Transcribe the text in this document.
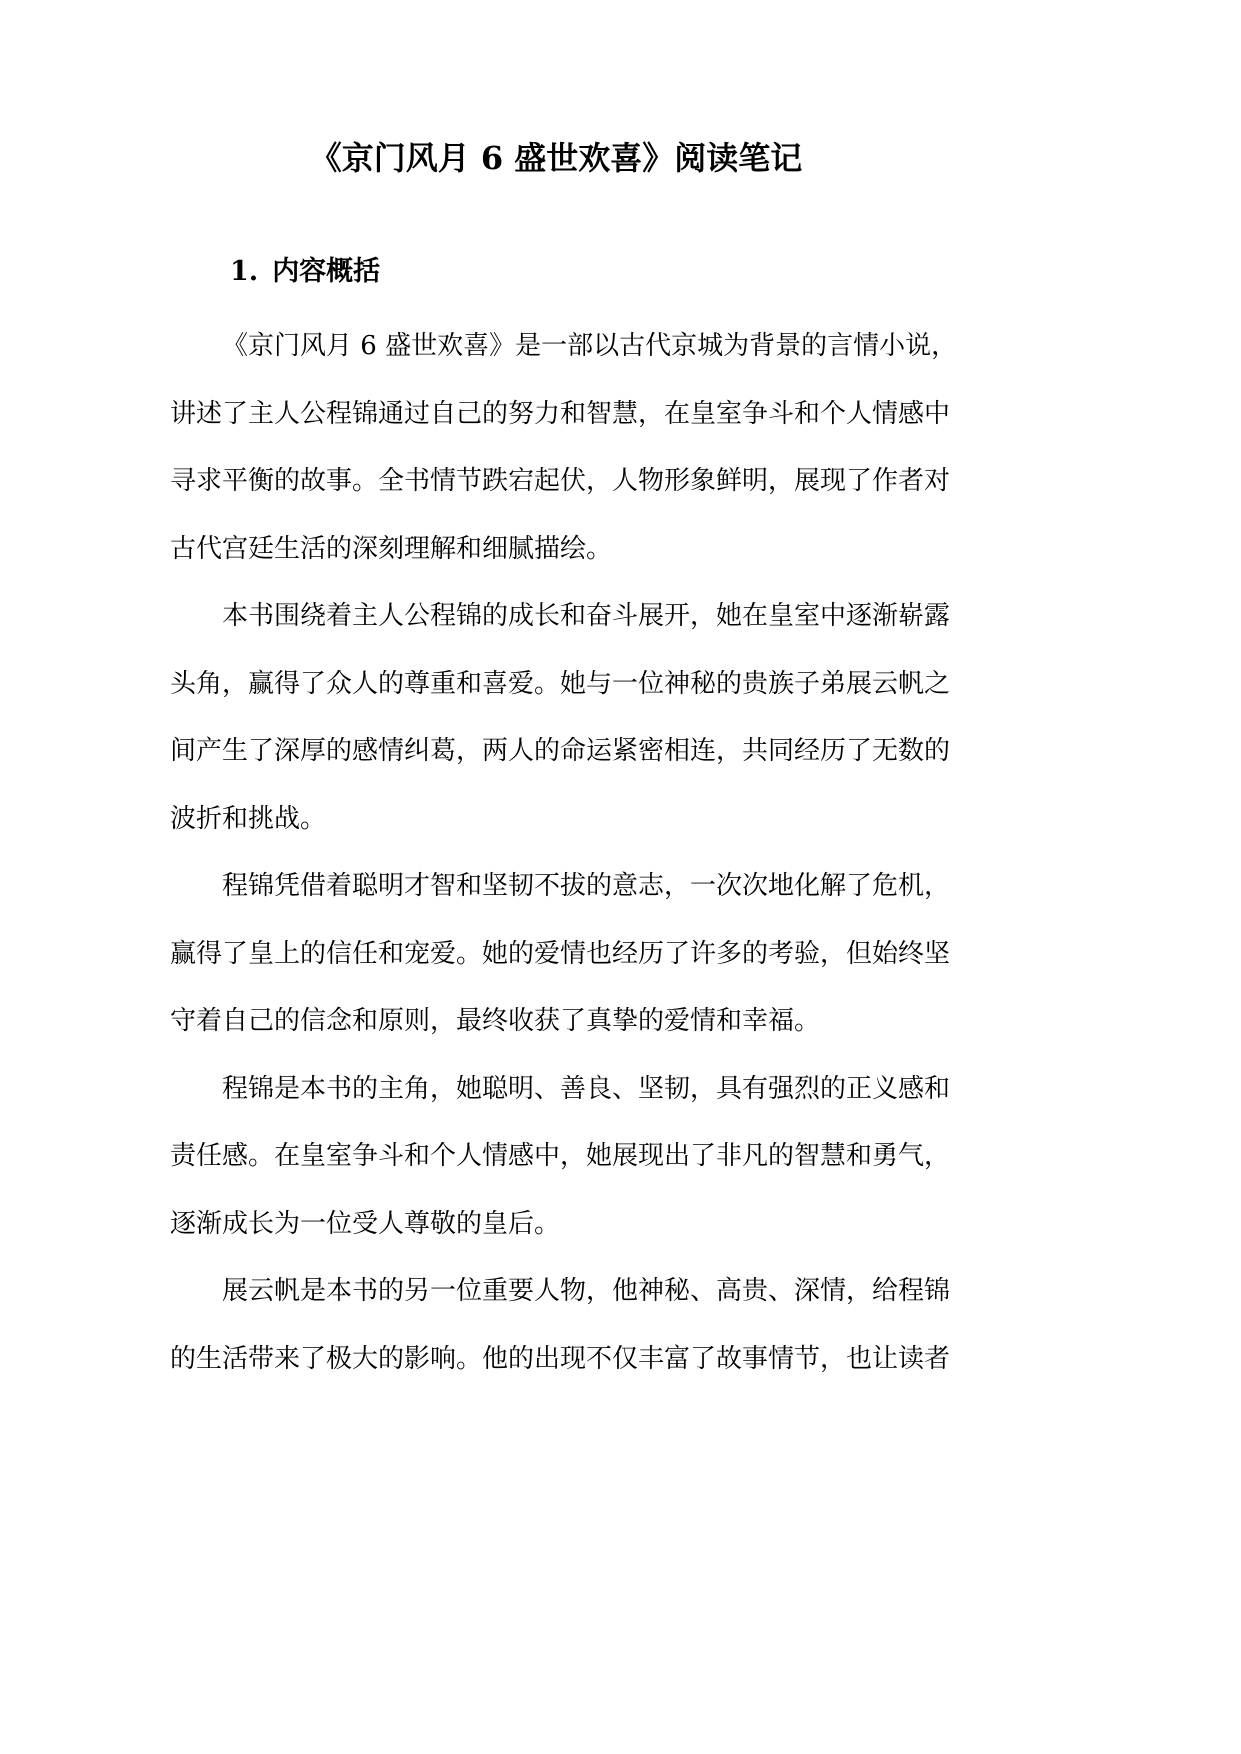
《京门风月 6 盛世欢喜》阅读笔记
1. 内容概括
《京门风月 6 盛世欢喜》是一部以古代京城为背景的言情小说，
讲述了主人公程锦通过自己的努力和智慧，在皇室争斗和个人情感中
寻求平衡的故事。全书情节跌宕起伏，人物形象鲜明，展现了作者对
古代宫廷生活的深刻理解和细腻描绘。
本书围绕着主人公程锦的成长和奋斗展开，她在皇室中逐渐崭露
头角，赢得了众人的尊重和喜爱。她与一位神秘的贵族子弟展云帆之
间产生了深厚的感情纠葛，两人的命运紧密相连，共同经历了无数的
波折和挑战。
程锦凭借着聪明才智和坚韧不拔的意志，一次次地化解了危机，
赢得了皇上的信任和宠爱。她的爱情也经历了许多的考验，但始终坚
守着自己的信念和原则，最终收获了真挚的爱情和幸福。
程锦是本书的主角，她聪明、善良、坚韧，具有强烈的正义感和
责任感。在皇室争斗和个人情感中，她展现出了非凡的智慧和勇气，
逐渐成长为一位受人尊敬的皇后。
展云帆是本书的另一位重要人物，他神秘、高贵、深情，给程锦
的生活带来了极大的影响。他的出现不仅丰富了故事情节，也让读者
